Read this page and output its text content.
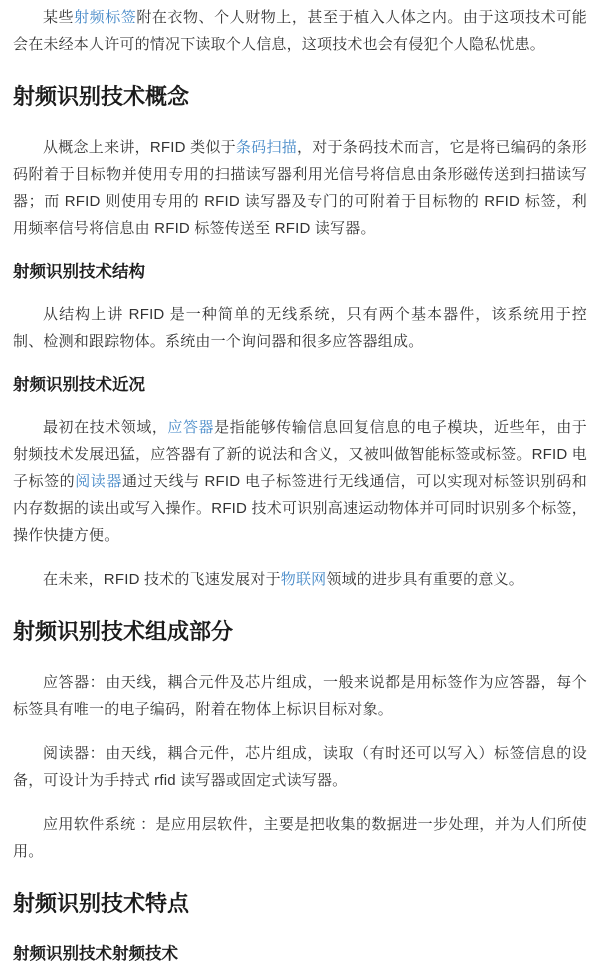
某些射频标签附在衣物、个人财物上，甚至于植入人体之内。由于这项技术可能会在未经本人许可的情况下读取个人信息，这项技术也会有侵犯个人隐私忧患。

射频识别技术概念

从概念上来讲，RFID 类似于条码扫描，对于条码技术而言，它是将已编码的条形码附着于目标物并使用专用的扫描读写器利用光信号将信息由条形磁传送到扫描读写器；而 RFID 则使用专用的 RFID 读写器及专门的可附着于目标物的 RFID 标签，利用频率信号将信息由 RFID 标签传送至 RFID 读写器。

射频识别技术结构

从结构上讲 RFID 是一种简单的无线系统，只有两个基本器件，该系统用于控制、检测和跟踪物体。系统由一个询问器和很多应答器组成。

射频识别技术近况

最初在技术领域，应答器是指能够传输信息回复信息的电子模块，近些年，由于射频技术发展迅猛，应答器有了新的说法和含义，又被叫做智能标签或标签。RFID 电子标签的阅读器通过天线与 RFID 电子标签进行无线通信，可以实现对标签识别码和内存数据的读出或写入操作。RFID 技术可识别高速运动物体并可同时识别多个标签，操作快捷方便。

在未来，RFID 技术的飞速发展对于物联网领域的进步具有重要的意义。

射频识别技术组成部分

应答器：由天线，耦合元件及芯片组成，一般来说都是用标签作为应答器，每个标签具有唯一的电子编码，附着在物体上标识目标对象。

阅读器：由天线，耦合元件，芯片组成，读取（有时还可以写入）标签信息的设备，可设计为手持式 rfid 读写器或固定式读写器。

应用软件系统 ：是应用层软件，主要是把收集的数据进一步处理，并为人们所使用。

射频识别技术特点
射频识别技术射频技术
